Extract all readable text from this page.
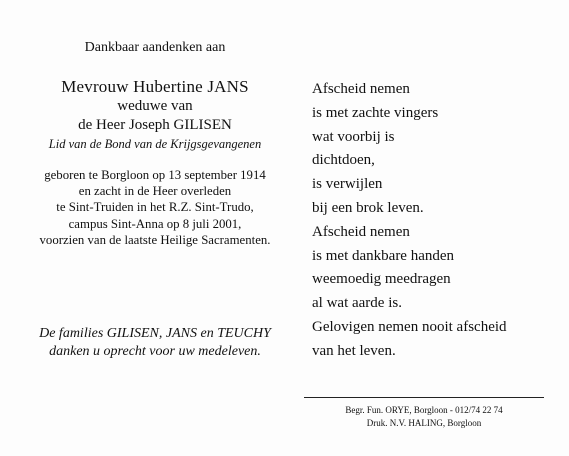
Dankbaar aandenken aan
Mevrouw Hubertine JANS
weduwe van
de Heer Joseph GILISEN
Lid van de Bond van de Krijgsgevangenen
geboren te Borgloon op 13 september 1914
en zacht in de Heer overleden
te Sint-Truiden in het R.Z. Sint-Trudo,
campus Sint-Anna op 8 juli 2001,
voorzien van de laatste Heilige Sacramenten.
De families GILISEN, JANS en TEUCHY
danken u oprecht voor uw medeleven.
Afscheid nemen
is met zachte vingers
wat voorbij is
dichtdoen,
is verwijlen
bij een brok leven.
Afscheid nemen
is met dankbare handen
weemoedig meedragen
al wat aarde is.
Gelovigen nemen nooit afscheid
van het leven.
Begr. Fun. ORYE, Borgloon - 012/74 22 74
Druk. N.V. HALING, Borgloon
